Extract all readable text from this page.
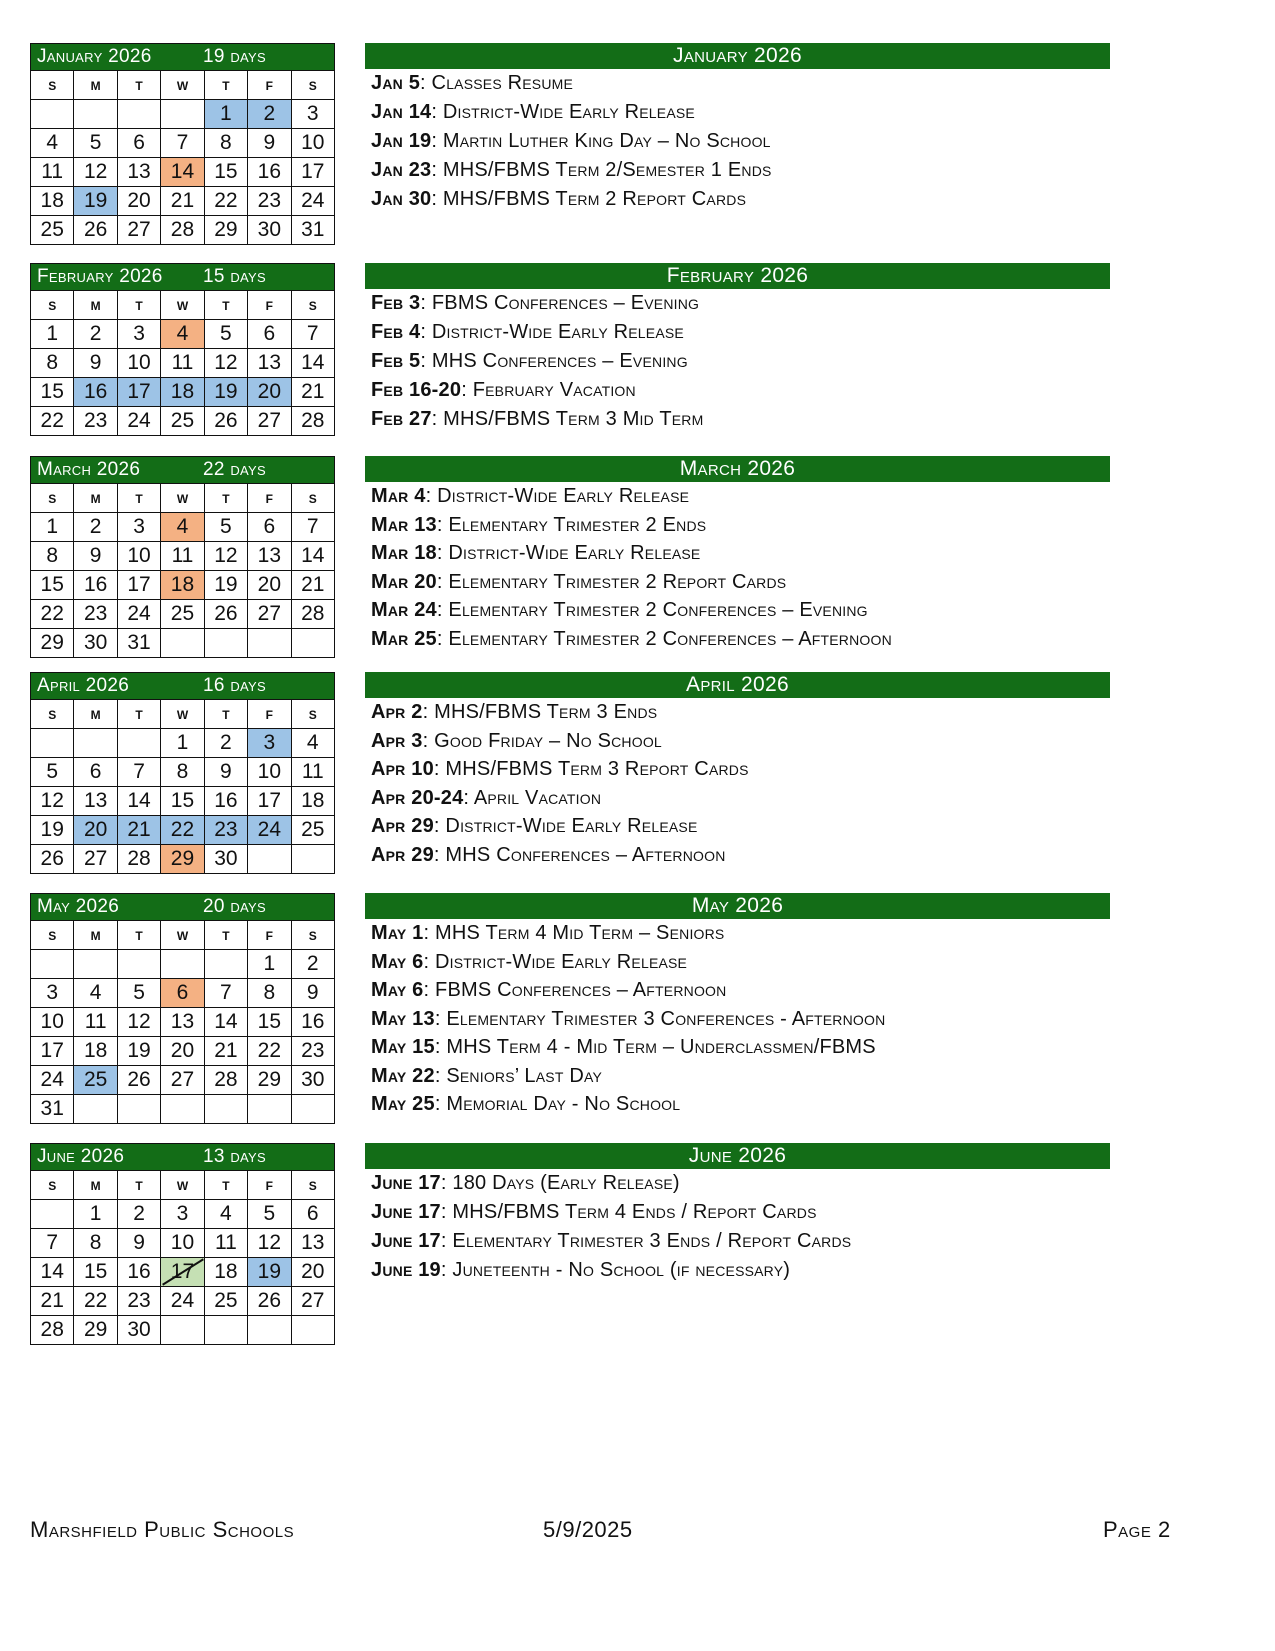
January 2026 19 days						

s	m	t	w	t	f	s
				1	2	3
4	5	6	7	8	9	10
11	12	13	14	15	16	17
18	19	20	21	22	23	24
25	26	27	28	29	30	31
January 2026
Jan 5: Classes Resume
Jan 14: District-Wide Early Release
Jan 19: Martin Luther King Day – No School
Jan 23: MHS/FBMS Term 2/Semester 1 Ends
Jan 30: MHS/FBMS Term 2 Report Cards
February 2026 15 days						

s	m	t	w	t	f	s
1	2	3	4	5	6	7
8	9	10	11	12	13	14
15	16	17	18	19	20	21
22	23	24	25	26	27	28
February 2026
Feb 3: FBMS Conferences – Evening
Feb 4: District-Wide Early Release
Feb 5: MHS Conferences – Evening
Feb 16-20: February Vacation
Feb 27: MHS/FBMS Term 3 Mid Term
March 2026 22 days						

s	m	t	w	t	f	s
1	2	3	4	5	6	7
8	9	10	11	12	13	14
15	16	17	18	19	20	21
22	23	24	25	26	27	28
29	30	31				
March 2026
Mar 4: District-Wide Early Release
Mar 13: Elementary Trimester 2 Ends
Mar 18: District-Wide Early Release
Mar 20: Elementary Trimester 2 Report Cards
Mar 24: Elementary Trimester 2 Conferences – Evening
Mar 25: Elementary Trimester 2 Conferences – Afternoon
April 2026 16 days						

s	m	t	w	t	f	s
			1	2	3	4
5	6	7	8	9	10	11
12	13	14	15	16	17	18
19	20	21	22	23	24	25
26	27	28	29	30		
April 2026
Apr 2: MHS/FBMS Term 3 Ends
Apr 3: Good Friday – No School
Apr 10: MHS/FBMS Term 3 Report Cards
Apr 20-24: April Vacation
Apr 29: District-Wide Early Release
Apr 29: MHS Conferences – Afternoon
May 2026 20 days						

s	m	t	w	t	f	s
					1	2
3	4	5	6	7	8	9
10	11	12	13	14	15	16
17	18	19	20	21	22	23
24	25	26	27	28	29	30
31						
May 2026
May 1: MHS Term 4 Mid Term – Seniors
May 6: District-Wide Early Release
May 6: FBMS Conferences – Afternoon
May 13: Elementary Trimester 3 Conferences - Afternoon
May 15: MHS Term 4 - Mid Term – Underclassmen/FBMS
May 22: Seniors’ Last Day
May 25: Memorial Day - No School
June 2026 13 days						

s	m	t	w	t	f	s
	1	2	3	4	5	6
7	8	9	10	11	12	13
14	15	16	17	18	19	20
21	22	23	24	25	26	27
28	29	30				
June 2026
June 17: 180 Days (Early Release)
June 17: MHS/FBMS Term 4 Ends / Report Cards
June 17: Elementary Trimester 3 Ends / Report Cards
June 19: Juneteenth - No School (if necessary)
Marshfield Public Schools	5/9/2025	Page 2
